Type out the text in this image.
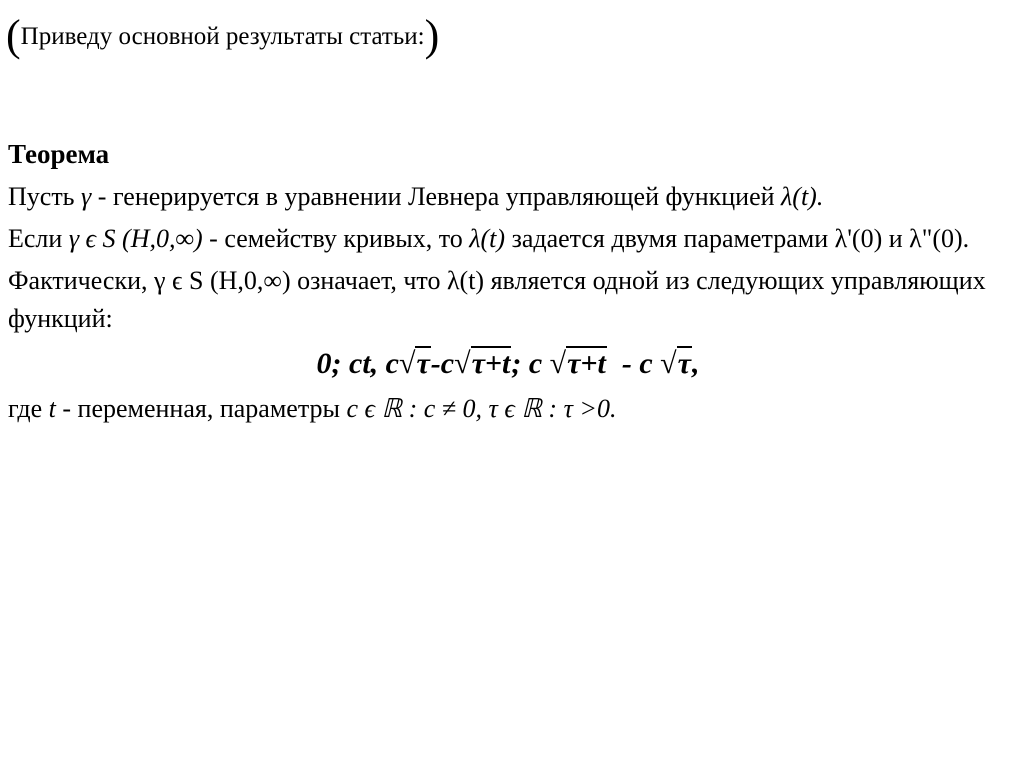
(Приведу основной результаты статьи:)
Теорема

Пусть γ - генерируется в уравнении Левнера управляющей функцией λ(t).

Если γ ϵ S (H,0,∞) - семейству кривых, то λ(t) задается двумя параметрами λ'(0) и λ"(0).

Фактически, γ ϵ S (H,0,∞) означает, что λ(t) является одной из следующих управляющих функций:

0; ct, c√τ-c√τ+t; c √τ+t  - c √τ,

где t - переменная, параметры c ϵ ℝ : c ≠ 0, τ ϵ ℝ : τ >0.
